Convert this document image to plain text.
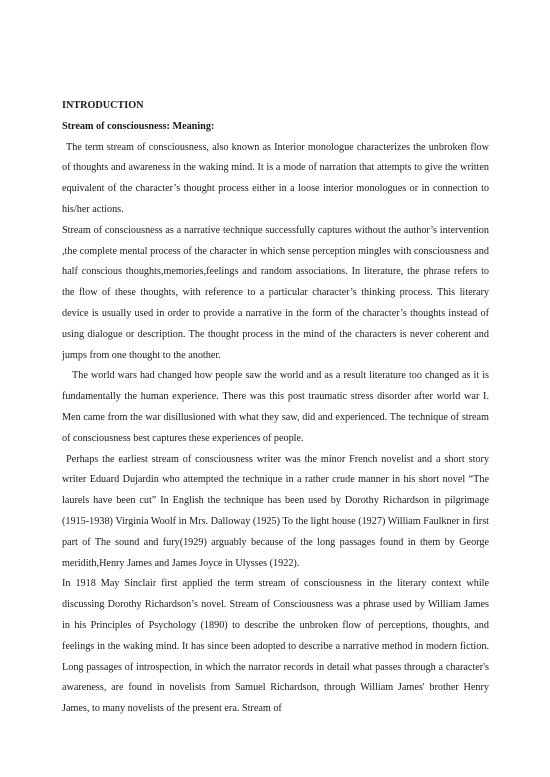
INTRODUCTION

Stream of consciousness: Meaning:

The term stream of consciousness, also known as Interior monologue characterizes the unbroken flow of thoughts and awareness in the waking mind. It is a mode of narration that attempts to give the written equivalent of the character’s thought process either in a loose interior monologues or in connection to his/her actions.

Stream of consciousness as a narrative technique successfully captures without the author’s intervention ,the complete mental process of the character in which sense perception mingles with consciousness and half conscious thoughts,memories,feelings and random associations. In literature, the phrase refers to the flow of these thoughts, with reference to a particular character’s thinking process. This literary device is usually used in order to provide a narrative in the form of the character’s thoughts instead of using dialogue or description. The thought process in the mind of the characters is never coherent and jumps from one thought to the another.

The world wars had changed how people saw the world and as a result literature too changed as it is fundamentally the human experience. There was this post traumatic stress disorder after world war I. Men came from the war disillusioned with what they saw, did and experienced. The technique of stream of consciousness best captures these experiences of people.

Perhaps the earliest stream of consciousness writer was the minor French novelist and a short story writer Eduard Dujardin who attempted the technique in a rather crude manner in his short novel “The laurels have been cut” In English the technique has been used by Dorothy Richardson in pilgrimage (1915-1938) Virginia Woolf in Mrs. Dalloway (1925) To the light house (1927) William Faulkner in first part of The sound and fury(1929) arguably because of the long passages found in them by George meridith,Henry James and James Joyce in Ulysses (1922).

In 1918 May Sinclair first applied the term stream of consciousness in the literary context while discussing Dorothy Richardson’s novel. Stream of Consciousness was a phrase used by William James in his Principles of Psychology (1890) to describe the unbroken flow of perceptions, thoughts, and feelings in the waking mind. It has since been adopted to describe a narrative method in modern fiction. Long passages of introspection, in which the narrator records in detail what passes through a character's awareness, are found in novelists from Samuel Richardson, through William James' brother Henry James, to many novelists of the present era. Stream of
